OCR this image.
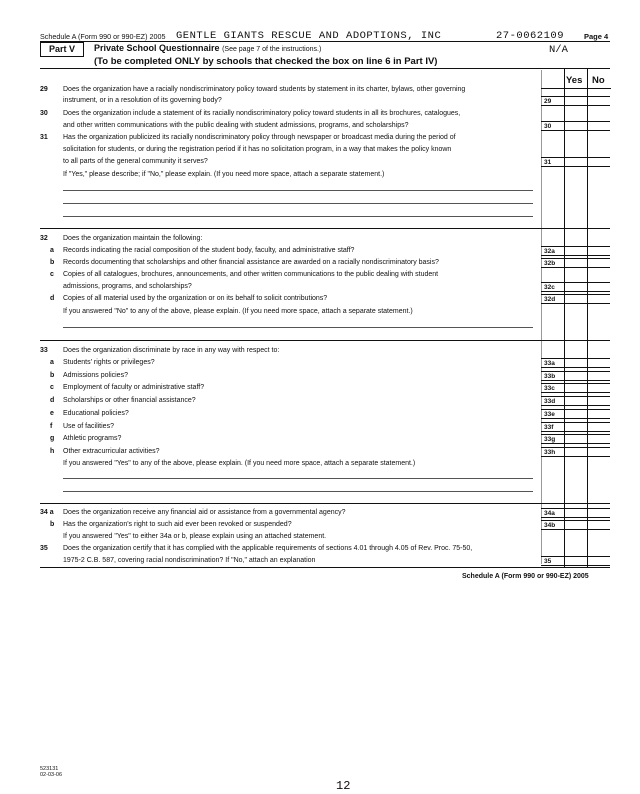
Schedule A (Form 990 or 990-EZ) 2005 GENTLE GIANTS RESCUE AND ADOPTIONS, INC	27-0062109	Page 4
Part V	Private School Questionnaire (See page 7 of the instructions.)
(To be completed ONLY by schools that checked the box on line 6 in Part IV)
N/A
Yes No
29 Does the organization have a racially nondiscriminatory policy toward students by statement in its charter, bylaws, other governing
instrument, or in a resolution of its governing body?	29
30 Does the organization include a statement of its racially nondiscriminatory policy toward students in all its brochures, catalogues,
and other written communications with the public dealing with student admissions, programs, and scholarships?	30
31 Has the organization publicized its racially nondiscriminatory policy through newspaper or broadcast media during the period of
solicitation for students, or during the registration period if it has no solicitation program, in a way that makes the policy known
to all parts of the general community it serves?	31
If "Yes," please describe; if "No," please explain. (If you need more space, attach a separate statement.)
32 Does the organization maintain the following:
a Records indicating the racial composition of the student body, faculty, and administrative staff?	32a
b Records documenting that scholarships and other financial assistance are awarded on a racially nondiscriminatory basis?	32b
c Copies of all catalogues, brochures, announcements, and other written communications to the public dealing with student
admissions, programs, and scholarships?	32c
d Copies of all material used by the organization or on its behalf to solicit contributions?	32d
If you answered "No" to any of the above, please explain. (If you need more space, attach a separate statement.)
33 Does the organization discriminate by race in any way with respect to:
a Students' rights or privileges?	33a
b Admissions policies?	33b
c Employment of faculty or administrative staff?	33c
d Scholarships or other financial assistance?	33d
e Educational policies?	33e
f Use of facilities?	33f
g Athletic programs?	33g
h Other extracurricular activities?	33h
If you answered "Yes" to any of the above, please explain. (If you need more space, attach a separate statement.)
34 a Does the organization receive any financial aid or assistance from a governmental agency?	34a
b Has the organization's right to such aid ever been revoked or suspended?	34b
If you answered "Yes" to either 34a or b, please explain using an attached statement.
35 Does the organization certify that it has complied with the applicable requirements of sections 4.01 through 4.05 of Rev. Proc. 75-50,
1975-2 C.B. 587, covering racial nondiscrimination? If "No," attach an explanation	35
Schedule A (Form 990 or 990-EZ) 2005
523131
02-03-06
12
